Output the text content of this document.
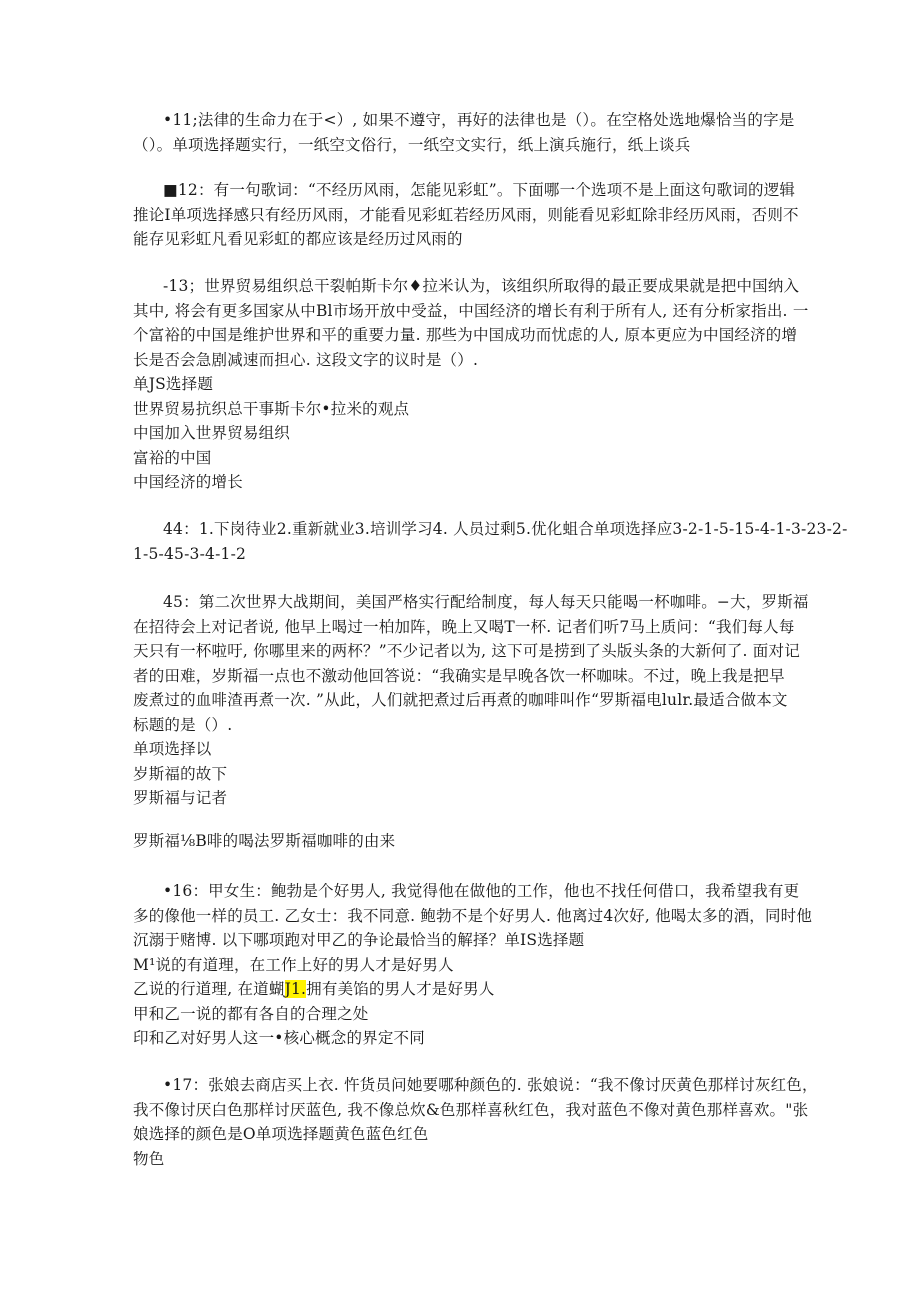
•11;法律的生命力在于<）, 如果不遵守，再好的法律也是（）。在空格处选地爆恰当的字是
（）。单项选择题实行，一纸空文俗行，一纸空文实行，纸上演兵施行，纸上谈兵
■12：有一句歌词：“不经历风雨，怎能见彩虹”。下面哪一个选项不是上面这句歌词的逻辑
推论I单项选择感只有经历风雨，才能看见彩虹若经历风雨，则能看见彩虹除非经历风雨，否则不
能存见彩虹凡看见彩虹的都应该是经历过风雨的
-13；世界贸易组织总干裂帕斯卡尔♦拉米认为，该组织所取得的最正要成果就是把中国纳入
其中, 将会有更多国家从中Bl市场开放中受益，中国经济的增长有利于所有人, 还有分析家指出. 一
个富裕的中国是维护世界和平的重要力量. 那些为中国成功而忧虑的人, 原本更应为中国经济的增
长是否会急剧减速而担心. 这段文字的议时是（）.
单JS选择题
世界贸易抗织总干事斯卡尔•拉米的观点
中国加入世界贸易组织
富裕的中国
中国经济的增长
44：1.下岗待业2.重新就业3.培训学习4. 人员过剩5.优化蛆合单项选择应3-2-1-5-15-4-1-3-23-2-
1-5-45-3-4-1-2
45：第二次世界大战期间，美国严格实行配给制度，每人每天只能喝一杯咖啡。−大，罗斯福
在招待会上对记者说, 他早上喝过一柏加阵，晚上又喝T一杯. 记者们听7马上质问：“我们每人每
天只有一杯啦吁, 你哪里来的两杯？”不少记者以为, 这下可是捞到了头版头条的大新何了. 面对记
者的田难，岁斯福一点也不激动他回答说：“我确实是早晚各饮一杯咖味。不过，晚上我是把早
废煮过的血啡渣再煮一次. ”从此，人们就把煮过后再煮的咖啡叫作“罗斯福电lulr.最适合做本文
标题的是（）.
单项选择以
岁斯福的故下
罗斯福与记者
罗斯福⅛B啡的喝法罗斯福咖啡的由来
•16：甲女生：鲍勃是个好男人, 我觉得他在做他的工作，他也不找任何借口，我希望我有更
多的像他一样的员工. 乙女士：我不同意. 鲍勃不是个好男人. 他离过4次好, 他喝太多的酒，同时他
沉溺于赌博. 以下哪项跑对甲乙的争论最恰当的解择？单IS选择题
M¹说的有道理，在工作上好的男人才是好男人
乙说的行道理, 在道蝴J1.拥有美馅的男人才是好男人
甲和乙一说的都有各自的合理之处
印和乙对好男人这一•核心概念的界定不同
•17：张娘去商店买上衣. 忤货员问她要哪种颜色的. 张娘说：“我不像讨厌黄色那样讨灰红色，
我不像讨厌白色那样讨厌蓝色, 我不像总炊&色那样喜秋红色，我对蓝色不像对黄色那样喜欢。"张
娘选择的颜色是O单项选择题黄色蓝色红色
物色
